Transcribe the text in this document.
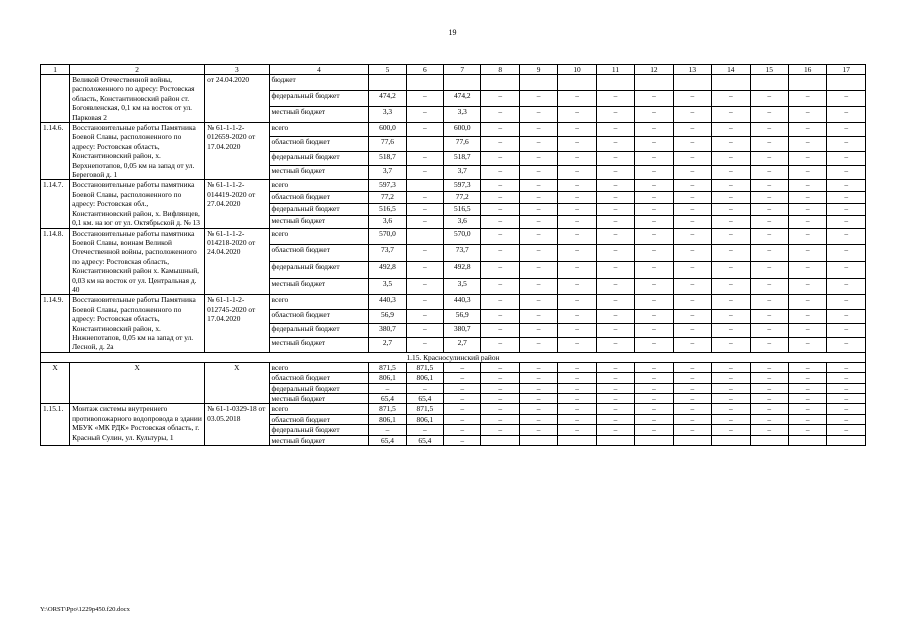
19
1	2	3	4	5	6	7	8	9	10	11	12	13	14	15	16	17
	Великой Отечественной войны, расположенного по адресу: Ростовская область, Константиновский район ст. Богоявленская, 0,1 км на восток от ул. Парковая 2	от 24.04.2020	бюджет													
			федеральный бюджет	474,2	–	474,2	–	–	–	–	–	–	–	–	–	–
			местный бюджет	3,3	–	3,3	–	–	–	–	–	–	–	–	–	–
1.14.6.	Восстановительные работы Памятника Боевой Славы, расположенного по адресу: Ростовская область, Константиновский район, х. Верхнепотапов, 0,05 км на запад от ул. Береговой д. 1	№ 61-1-1-2-012659-2020 от 17.04.2020	всего	600,0	–	600,0	–	–	–	–	–	–	–	–	–	–
			областной бюджет	77,6		77,6	–	–	–	–	–	–	–	–	–	–
			федеральный бюджет	518,7	–	518,7	–	–	–	–	–	–	–	–	–	–
			местный бюджет	3,7	–	3,7	–	–	–	–	–	–	–	–	–	–
1.14.7.	Восстановительные работы памятника Боевой Славы, расположенного по адресу: Ростовская обл., Константиновский район, х. Вифлянцев, 0,1 км. на юг от ул. Октябрьской д. № 13	№ 61-1-1-2-014419-2020 от 27.04.2020	всего	597,3		597,3	–	–	–	–	–	–	–	–	–	–
			областной бюджет	77,2	–	77,2	–	–	–	–	–	–	–	–	–	–
			федеральный бюджет	516,5	–	516,5	–	–	–	–	–	–	–	–	–	–
			местный бюджет	3,6	–	3,6	–	–	–	–	–	–	–	–	–	–
1.14.8.	Восстановительные работы памятника Боевой Славы, воинам Великой Отечественной войны, расположенного по адресу: Ростовская область, Константиновский район х. Камышный, 0,03 км на восток от ул. Центральная д. 40	№ 61-1-1-2-014218-2020 от 24.04.2020	всего	570,0		570,0	–	–	–	–	–	–	–	–	–	–
			областной бюджет	73,7	–	73,7	–	–	–	–	–	–	–	–	–	–
			федеральный бюджет	492,8	–	492,8	–	–	–	–	–	–	–	–	–	–
			местный бюджет	3,5	–	3,5	–	–	–	–	–	–	–	–	–	–
1.14.9.	Восстановительные работы Памятника Боевой Славы, расположенного по адресу: Ростовская область, Константиновский район, х. Нижнепотапов, 0,05 км на запад от ул. Лесной, д. 2а	№ 61-1-1-2-012745-2020 от 17.04.2020	всего	440,3	–	440,3	–	–	–	–	–	–	–	–	–	–
			областной бюджет	56,9	–	56,9	–	–	–	–	–	–	–	–	–	–
			федеральный бюджет	380,7	–	380,7	–	–	–	–	–	–	–	–	–	–
			местный бюджет	2,7	–	2,7	–	–	–	–	–	–	–	–	–	–
1.15. Красносулинский район																
Х	Х	Х	всего	871,5	871,5	–	–	–	–	–	–	–	–	–	–	–
			областной бюджет	806,1	806,1	–	–	–	–	–	–	–	–	–	–	–
			федеральный бюджет	–	–	–	–	–	–	–	–	–	–	–	–	–
			местный бюджет	65,4	65,4	–	–	–	–	–	–	–	–	–	–	–
1.15.1.	Монтаж системы внутреннего противопожарного водопровода в здании МБУК «МК РДК» Ростовская область, г. Красный Сулин, ул. Культуры, 1	№ 61-1-0329-18 от 03.05.2018	всего	871,5	871,5	–	–	–	–	–	–	–	–	–	–	–
			областной бюджет	806,1	806,1	–	–	–	–	–	–	–	–	–	–	–
			федеральный бюджет	–	–	–	–	–	–	–	–	–	–	–	–	–
			местный бюджет	65,4	65,4	–										
Y:\ORST\Ppo\1229p450.f20.docx
